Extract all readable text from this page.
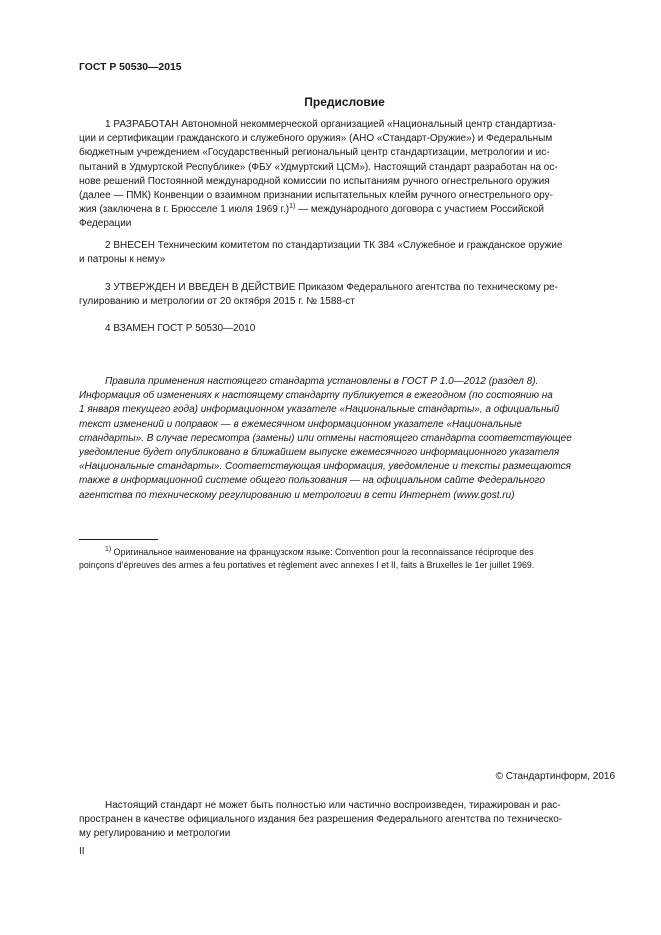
ГОСТ Р 50530—2015
Предисловие
1 РАЗРАБОТАН Автономной некоммерческой организацией «Национальный центр стандартиза-
ции и сертификации гражданского и служебного оружия» (АНО «Стандарт-Оружие») и Федеральным
бюджетным учреждением «Государственный региональный центр стандартизации, метрологии и ис-
пытаний в Удмуртской Республике» (ФБУ «Удмуртский ЦСМ»). Настоящий стандарт разработан на ос-
нове решений Постоянной международной комиссии по испытаниям ручного огнестрельного оружия
(далее — ПМК) Конвенции о взаимном признании испытательных клейм ручного огнестрельного ору-
жия (заключена в г. Брюсселе 1 июля 1969 г.)$^{1)}$ — международного договора с участием Российской
Федерации
2 ВНЕСЕН Техническим комитетом по стандартизации ТК 384 «Служебное и гражданское оружие
и патроны к нему»
3 УТВЕРЖДЕН И ВВЕДЕН В ДЕЙСТВИЕ Приказом Федерального агентства по техническому ре-
гулированию и метрологии от 20 октября 2015 г. № 1588-ст
4 ВЗАМЕН ГОСТ Р 50530—2010
Правила применения настоящего стандарта установлены в ГОСТ Р 1.0—2012 (раздел 8).
Информация об изменениях к настоящему стандарту публикуется в ежегодном (по состоянию на
1 января текущего года) информационном указателе «Национальные стандарты», а официальный
текст изменений и поправок — в ежемесячном информационном указателе «Национальные
стандарты». В случае пересмотра (замены) или отмены настоящего стандарта соответствующее
уведомление будет опубликовано в ближайшем выпуске ежемесячного информационного указателя
«Национальные стандарты». Соответствующая информация, уведомление и тексты размещаются
также в информационной системе общего пользования — на официальном сайте Федерального
агентства по техническому регулированию и метрологии в сети Интернет (www.gost.ru)
$^{1)}$ Оригинальное наименование на французском языке: Convention pour la reconnaissance réciproque des
poinçons d’épreuves des armes a feu portatives et règlement avec annexes I et II, faits à Bruxelles le 1er juillet 1969.
© Стандартинформ, 2016
Настоящий стандарт не может быть полностью или частично воспроизведен, тиражирован и рас-
пространен в качестве официального издания без разрешения Федерального агентства по техническо-
му регулированию и метрологии
II
